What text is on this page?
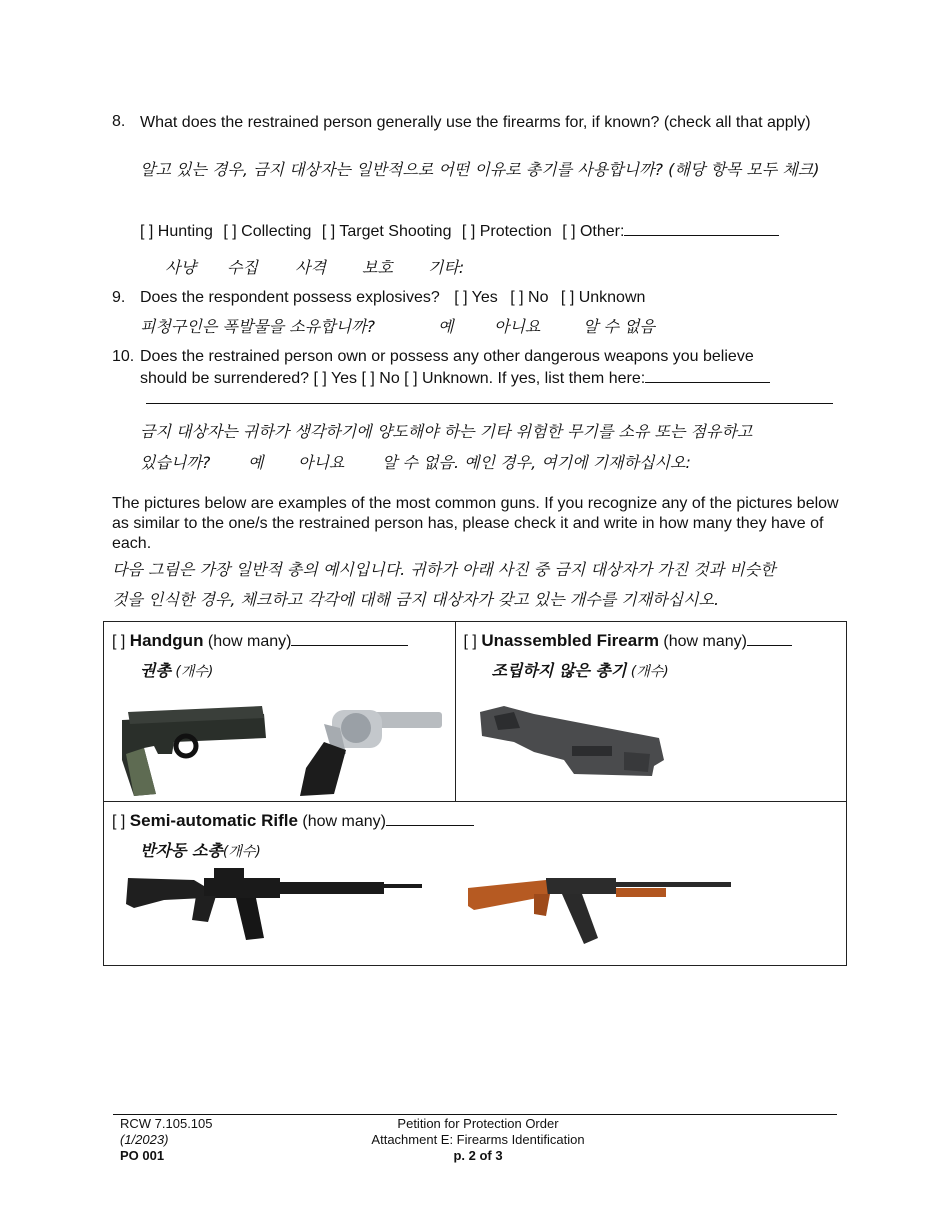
8. What does the restrained person generally use the firearms for, if known? (check all that apply)
알고 있는 경우, 금지 대상자는 일반적으로 어떤 이유로 총기를 사용합니까? (해당 항목 모두 체크)
[ ] Hunting [ ] Collecting [ ] Target Shooting [ ] Protection [ ] Other:
사냥 수집 사격 보호 기타:
9. Does the respondent possess explosives? [ ] Yes [ ] No [ ] Unknown
피청구인은 폭발물을 소유합니까?	예	아니요	알 수 없음
10. Does the restrained person own or possess any other dangerous weapons you believe
should be surrendered? [ ] Yes [ ] No [ ] Unknown. If yes, list them here:
금지 대상자는 귀하가 생각하기에 양도해야 하는 기타 위험한 무기를 소유 또는 점유하고
있습니까? 예 아니요 알 수 없음. 예인 경우, 여기에 기재하십시오:
The pictures below are examples of the most common guns. If you recognize any of the pictures below as similar to the one/s the restrained person has, please check it and write in how many they have of each.
다음 그림은 가장 일반적 총의 예시입니다. 귀하가 아래 사진 중 금지 대상자가 가진 것과 비슷한
것을 인식한 경우, 체크하고 각각에 대해 금지 대상자가 갖고 있는 개수를 기재하십시오.
[ ] Handgun (how many)
권총 (개수)

[ ] Unassembled Firearm (how many)
조립하지 않은 총기 (개수)

[ ] Semi-automatic Rifle (how many)
반자동 소총(개수)
RCW 7.105.105
(1/2023)
PO 001
Petition for Protection Order
Attachment E: Firearms Identification
p. 2 of 3
